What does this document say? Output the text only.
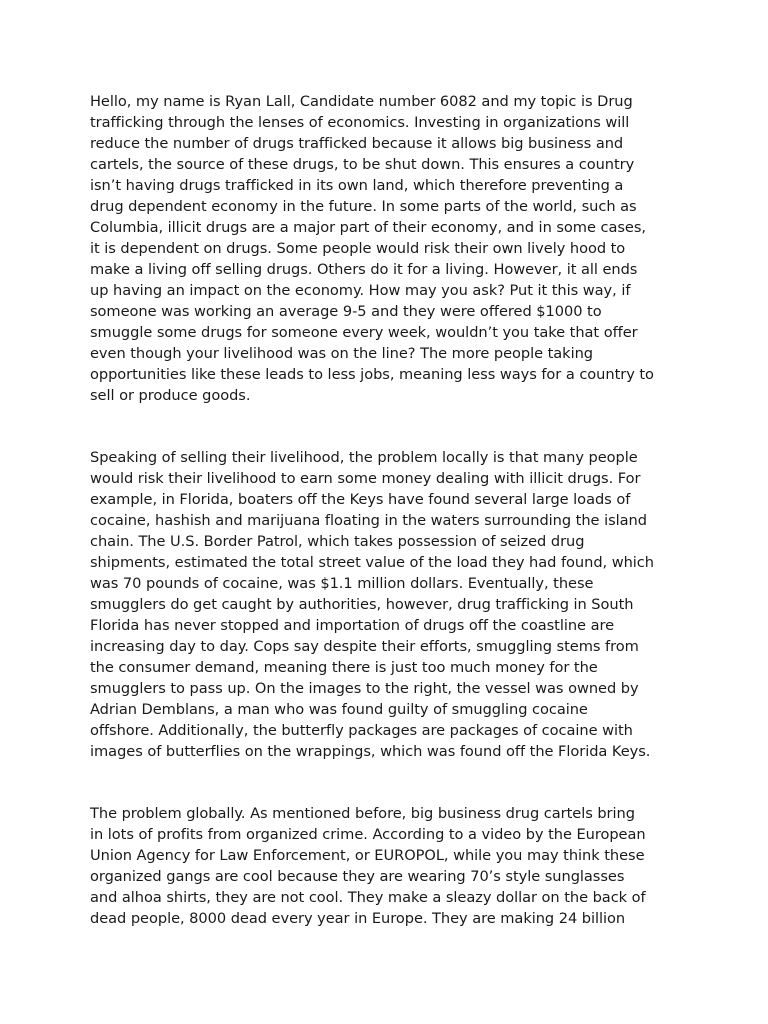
Hello, my name is Ryan Lall, Candidate number 6082 and my topic is Drug
trafficking through the lenses of economics. Investing in organizations will
reduce the number of drugs trafficked because it allows big business and
cartels, the source of these drugs, to be shut down. This ensures a country
isn’t having drugs trafficked in its own land, which therefore preventing a
drug dependent economy in the future. In some parts of the world, such as
Columbia, illicit drugs are a major part of their economy, and in some cases,
it is dependent on drugs. Some people would risk their own lively hood to
make a living off selling drugs. Others do it for a living. However, it all ends
up having an impact on the economy. How may you ask? Put it this way, if
someone was working an average 9-5 and they were offered $1000 to
smuggle some drugs for someone every week, wouldn’t you take that offer
even though your livelihood was on the line? The more people taking
opportunities like these leads to less jobs, meaning less ways for a country to
sell or produce goods.

Speaking of selling their livelihood, the problem locally is that many people
would risk their livelihood to earn some money dealing with illicit drugs. For
example, in Florida, boaters off the Keys have found several large loads of
cocaine, hashish and marijuana floating in the waters surrounding the island
chain. The U.S. Border Patrol, which takes possession of seized drug
shipments, estimated the total street value of the load they had found, which
was 70 pounds of cocaine, was $1.1 million dollars. Eventually, these
smugglers do get caught by authorities, however, drug trafficking in South
Florida has never stopped and importation of drugs off the coastline are
increasing day to day. Cops say despite their efforts, smuggling stems from
the consumer demand, meaning there is just too much money for the
smugglers to pass up. On the images to the right, the vessel was owned by
Adrian Demblans, a man who was found guilty of smuggling cocaine
offshore. Additionally, the butterfly packages are packages of cocaine with
images of butterflies on the wrappings, which was found off the Florida Keys.

The problem globally. As mentioned before, big business drug cartels bring
in lots of profits from organized crime. According to a video by the European
Union Agency for Law Enforcement, or EUROPOL, while you may think these
organized gangs are cool because they are wearing 70’s style sunglasses
and alhoa shirts, they are not cool. They make a sleazy dollar on the back of
dead people, 8000 dead every year in Europe. They are making 24 billion
